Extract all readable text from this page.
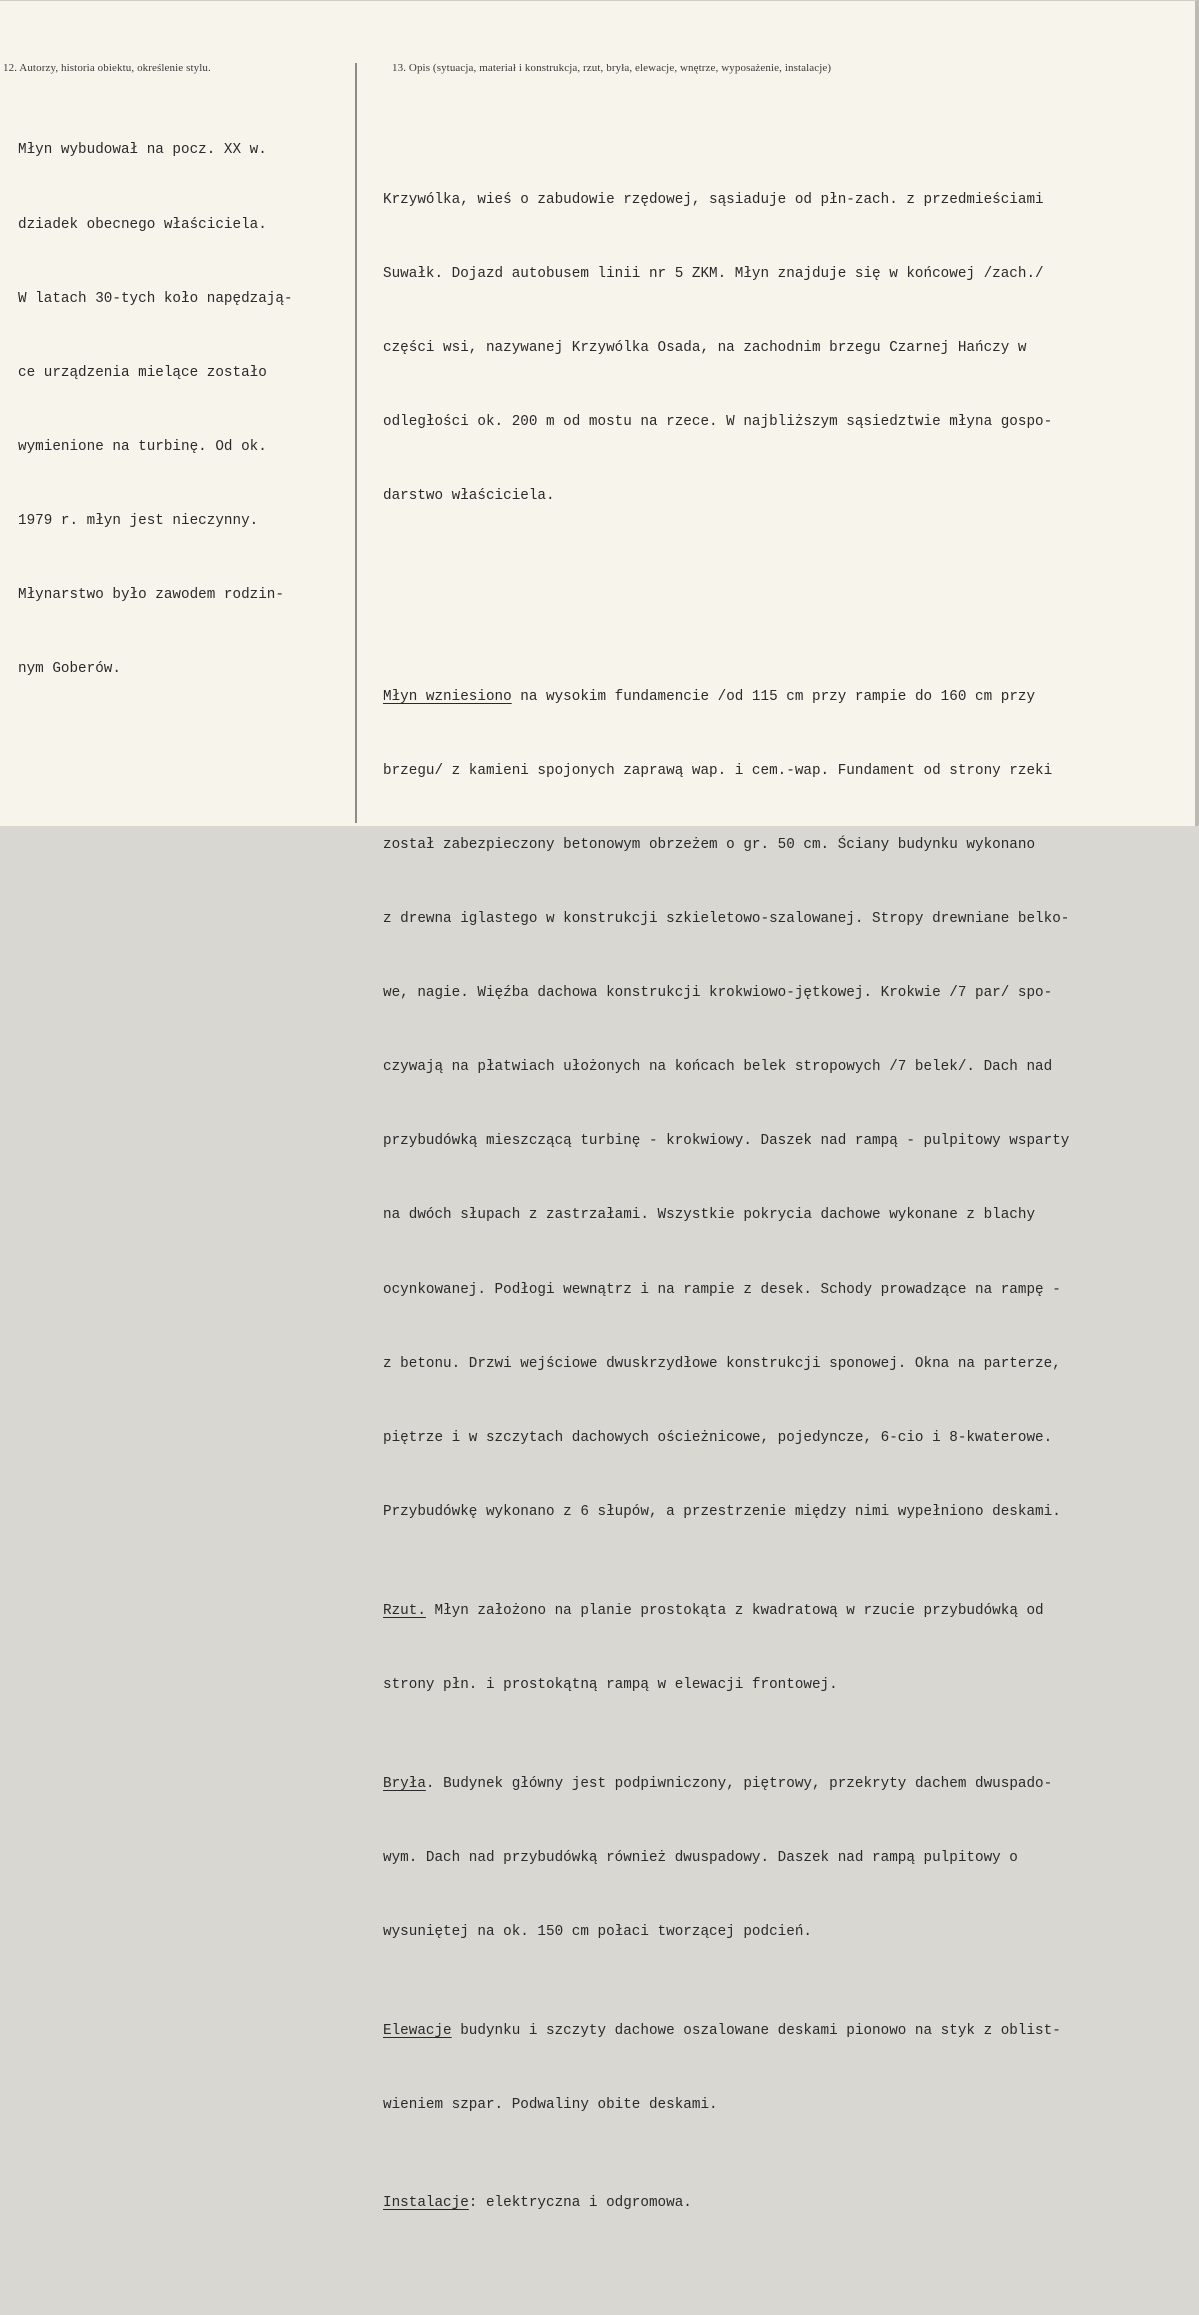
12. Autorzy, historia obiektu, określenie stylu.	13. Opis (sytuacja, materiał i konstrukcja, rzut, bryła, elewacje, wnętrze, wyposażenie, instalacje)

Młyn wybudował na pocz. XX w.

dziadek obecnego właściciela.

W latach 30-tych koło napędzają-

ce urządzenia mielące zostało

wymienione na turbinę. Od ok.

1979 r. młyn jest nieczynny.

Młynarstwo było zawodem rodzin-

nym Goberów.

Krzywólka, wieś o zabudowie rzędowej, sąsiaduje od płn-zach. z przedmieściami

Suwałk. Dojazd autobusem linii nr 5 ZKM. Młyn znajduje się w końcowej /zach./

części wsi, nazywanej Krzywólka Osada, na zachodnim brzegu Czarnej Hańczy w

odległości ok. 200 m od mostu na rzece. W najbliższym sąsiedztwie młyna gospo-

darstwo właściciela.

Młyn wzniesiono na wysokim fundamencie /od 115 cm przy rampie do 160 cm przy

brzegu/ z kamieni spojonych zaprawą wap. i cem.-wap. Fundament od strony rzeki

został zabezpieczony betonowym obrzeżem o gr. 50 cm. Ściany budynku wykonano

z drewna iglastego w konstrukcji szkieletowo-szalowanej. Stropy drewniane belko-

we, nagie. Więźba dachowa konstrukcji krokwiowo-jętkowej. Krokwie /7 par/ spo-

czywają na płatwiach ułożonych na końcach belek stropowych /7 belek/. Dach nad

przybudówką mieszczącą turbinę - krokwiowy. Daszek nad rampą - pulpitowy wsparty

na dwóch słupach z zastrzałami. Wszystkie pokrycia dachowe wykonane z blachy

ocynkowanej. Podłogi wewnątrz i na rampie z desek. Schody prowadzące na rampę -

z betonu. Drzwi wejściowe dwuskrzydłowe konstrukcji sponowej. Okna na parterze,

piętrze i w szczytach dachowych ościeżnicowe, pojedyncze, 6-cio i 8-kwaterowe.

Przybudówkę wykonano z 6 słupów, a przestrzenie między nimi wypełniono deskami.

Rzut. Młyn założono na planie prostokąta z kwadratową w rzucie przybudówką od

strony płn. i prostokątną rampą w elewacji frontowej.

Bryła. Budynek główny jest podpiwniczony, piętrowy, przekryty dachem dwuspado-

wym. Dach nad przybudówką również dwuspadowy. Daszek nad rampą pulpitowy o

wysuniętej na ok. 150 cm połaci tworzącej podcień.

Elewacje budynku i szczyty dachowe oszalowane deskami pionowo na styk z oblist-

wieniem szpar. Podwaliny obite deskami.

Instalacje: elektryczna i odgromowa.
